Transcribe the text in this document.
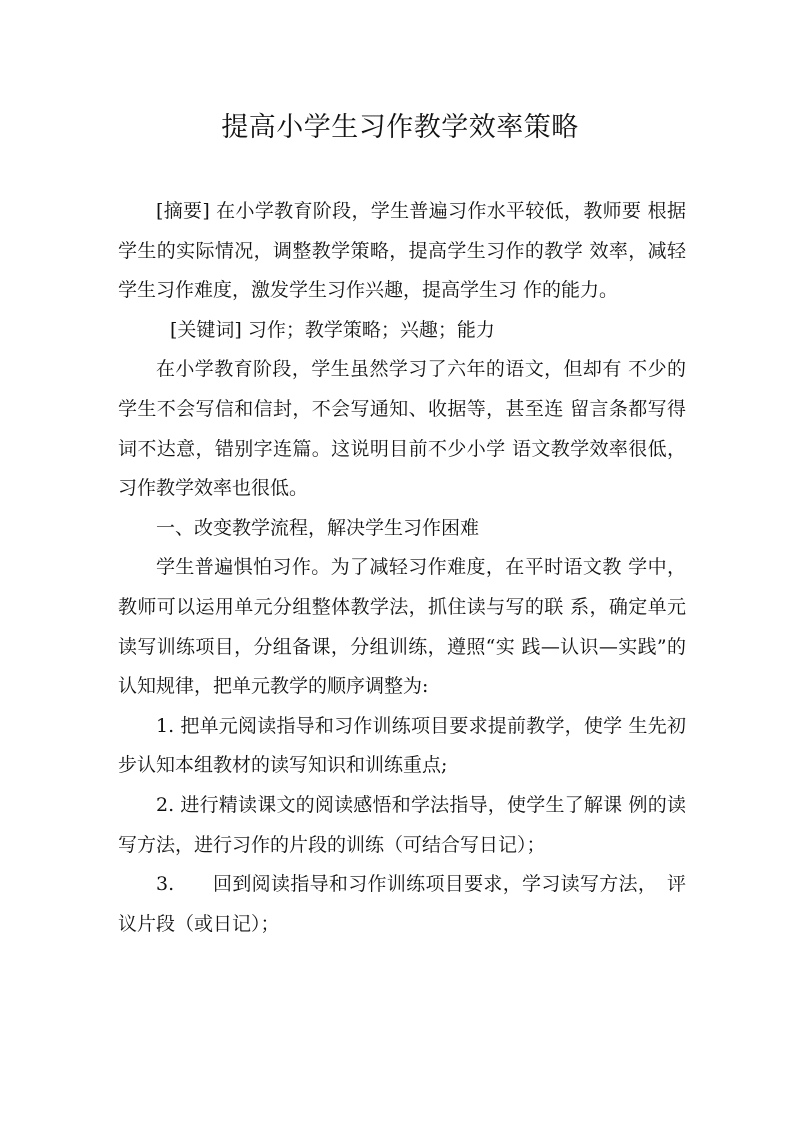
提高小学生习作教学效率策略

[摘要] 在小学教育阶段，学生普遍习作水平较低，教师要 根据学生的实际情况，调整教学策略，提高学生习作的教学 效率，减轻学生习作难度，激发学生习作兴趣，提高学生习 作的能力。

[关键词] 习作；教学策略；兴趣；能力

在小学教育阶段，学生虽然学习了六年的语文，但却有 不少的学生不会写信和信封，不会写通知、收据等，甚至连 留言条都写得词不达意，错别字连篇。这说明目前不少小学 语文教学效率很低，习作教学效率也很低。

一、改变教学流程，解决学生习作困难

学生普遍惧怕习作。为了减轻习作难度，在平时语文教 学中，教师可以运用单元分组整体教学法，抓住读与写的联 系，确定单元读写训练项目，分组备课，分组训练，遵照“实 践—认识—实践”的认知规律，把单元教学的顺序调整为:

1. 把单元阅读指导和习作训练项目要求提前教学，使学 生先初步认知本组教材的读写知识和训练重点;

2. 进行精读课文的阅读感悟和学法指导，使学生了解课 例的读写方法，进行习作的片段的训练（可结合写日记）；

3.　　回到阅读指导和习作训练项目要求，学习读写方法，　评议片段（或日记）；
